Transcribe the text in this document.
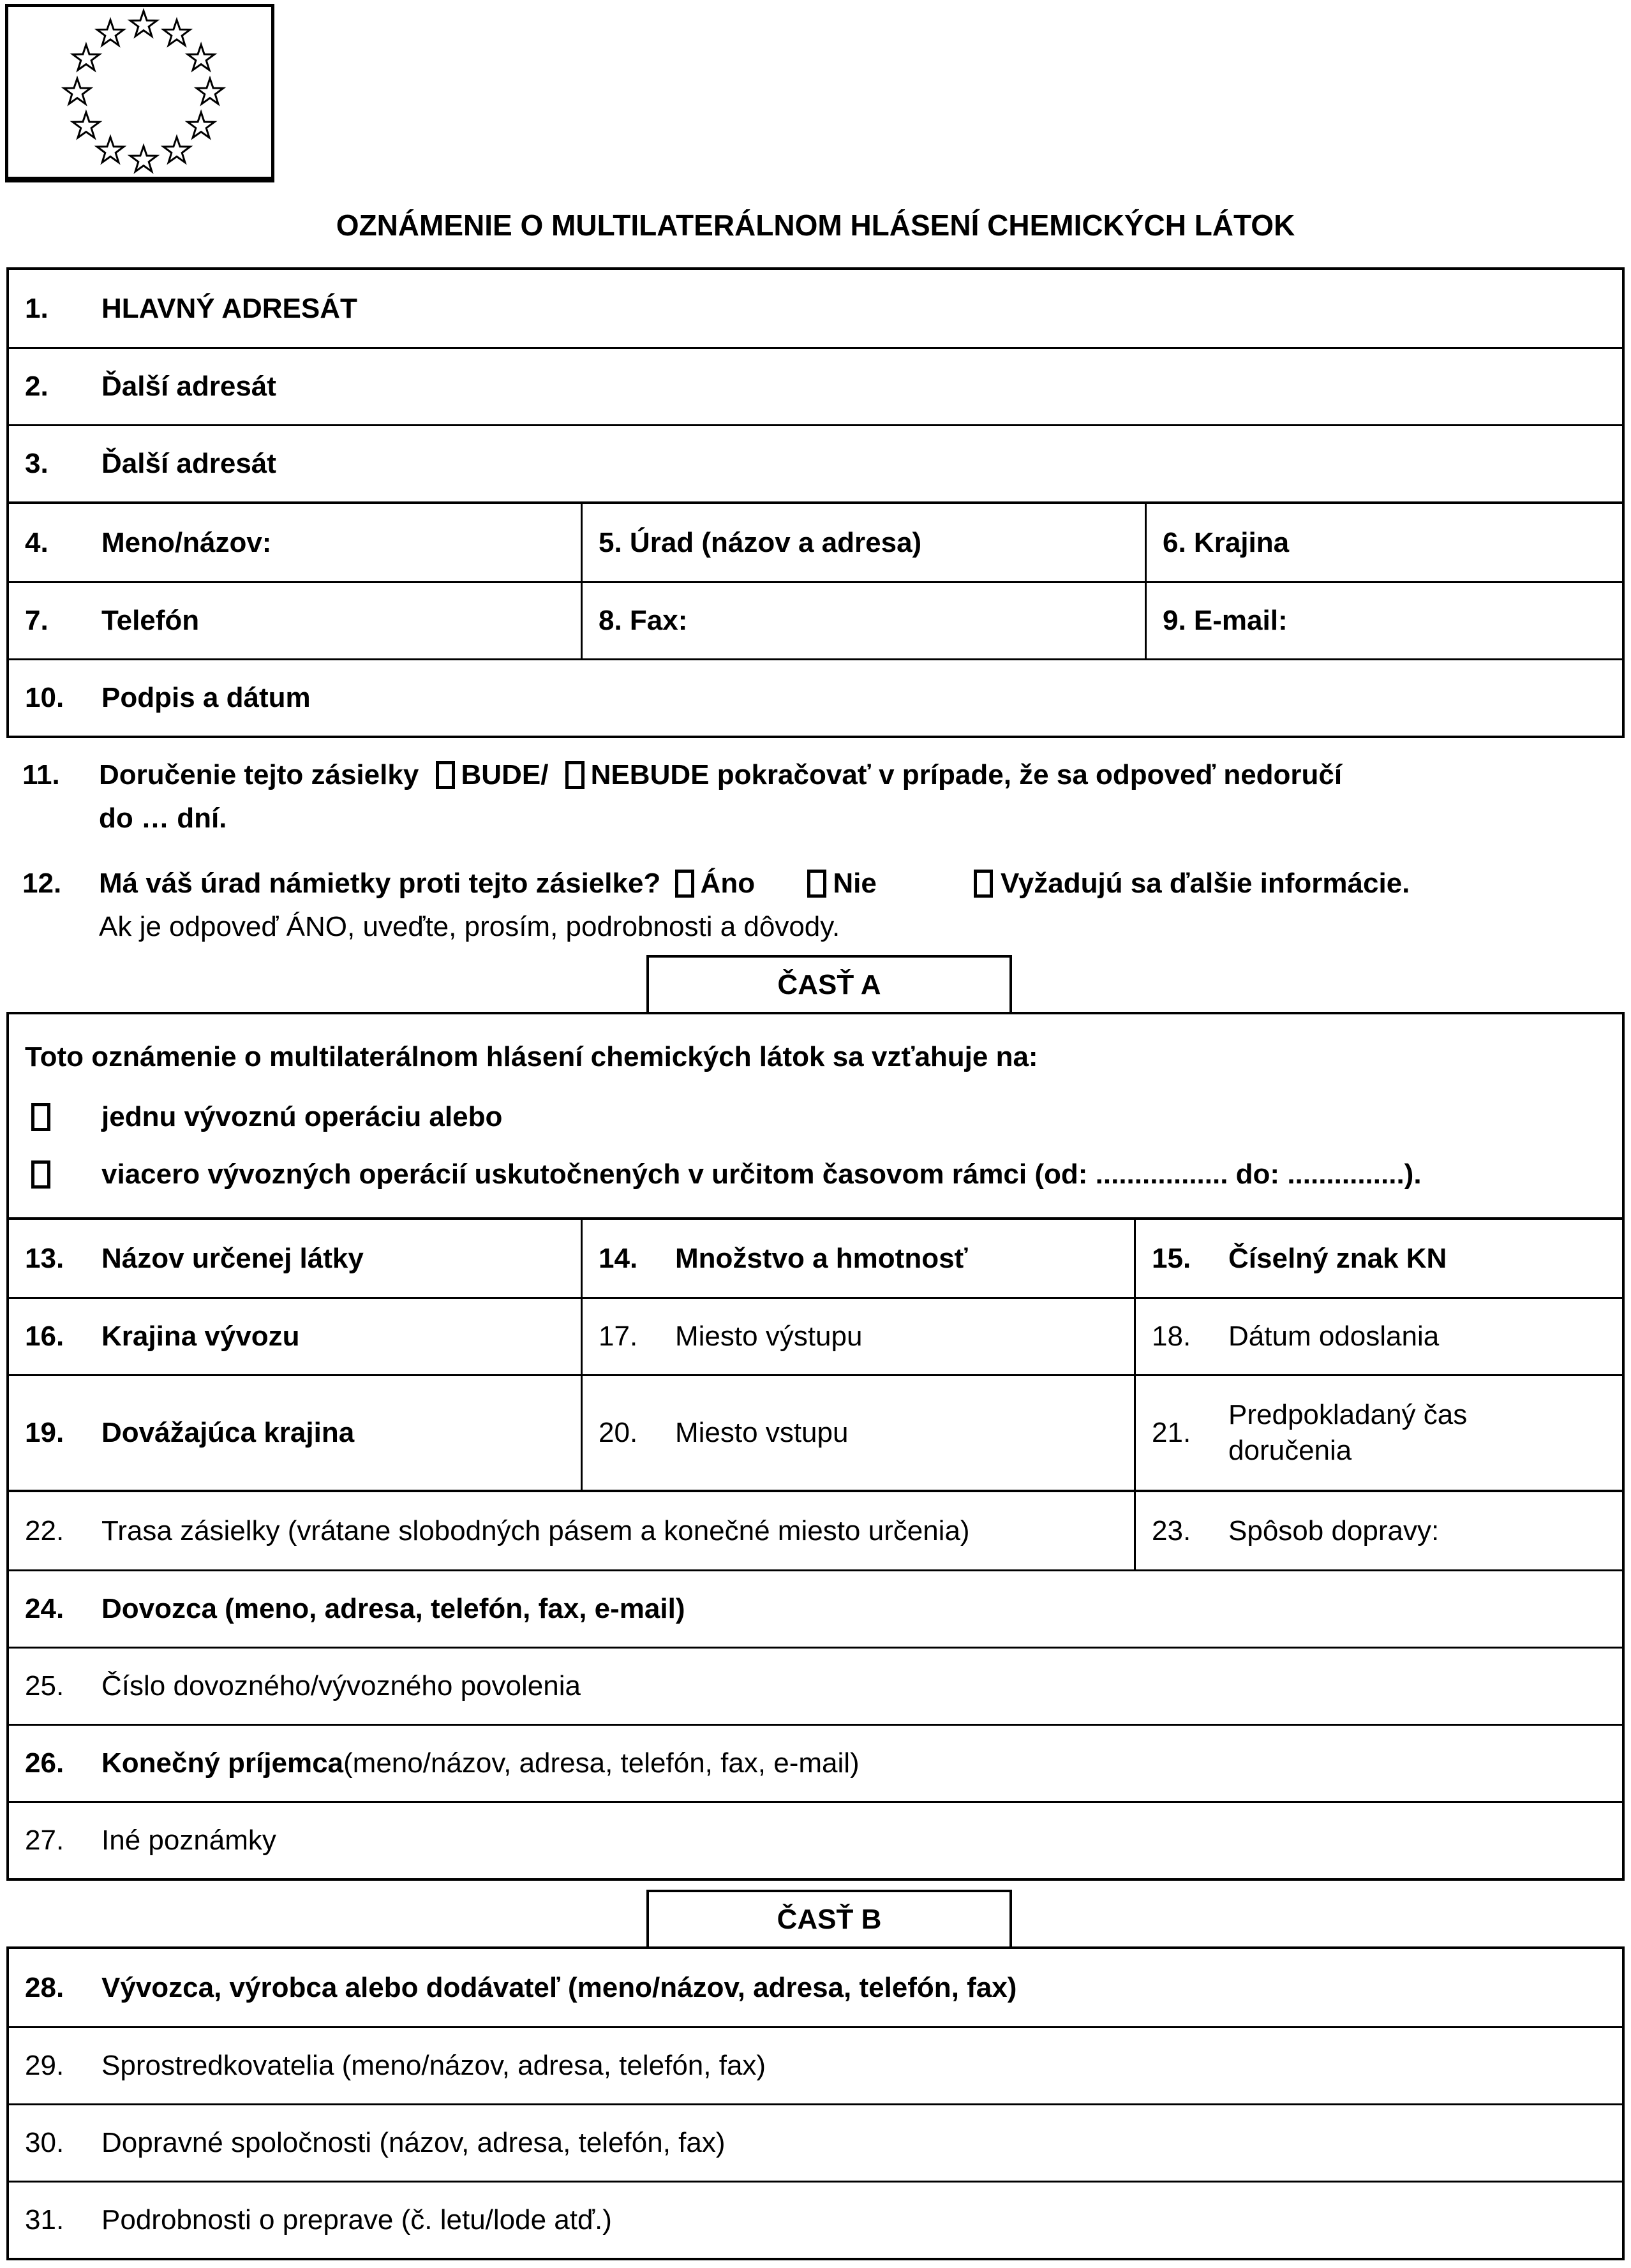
OZNÁMENIE O MULTILATERÁLNOM HLÁSENÍ CHEMICKÝCH LÁTOK
1.	HLAVNÝ ADRESÁT
2.	Ďalší adresát
3.	Ďalší adresát
4.	Meno/názov:	5. Úrad (názov a adresa)	6. Krajina
7.	Telefón	8. Fax:	9. E-mail:
10.	Podpis a dátum
11.	Doručenie tejto zásielky BUDE/ NEBUDE pokračovať v prípade, že sa odpoveď nedoručí
do … dní.
12.	Má váš úrad námietky proti tejto zásielke? Áno	Nie	Vyžadujú sa ďalšie informácie.
Ak je odpoveď ÁNO, uveďte, prosím, podrobnosti a dôvody.
ČASŤ A
Toto oznámenie o multilaterálnom hlásení chemických látok sa vzťahuje na:
jednu vývoznú operáciu alebo
viacero vývozných operácií uskutočnených v určitom časovom rámci (od: ................. do: ...............).
13.	Názov určenej látky	14.	Množstvo a hmotnosť	15.	Číselný znak KN
16.	Krajina vývozu	17.	Miesto výstupu	18.	Dátum odoslania
19.	Dovážajúca krajina	20.	Miesto vstupu	21.
Predpokladaný čas doručenia
22.	Trasa zásielky (vrátane slobodných pásem a konečné miesto určenia)	23.	Spôsob dopravy:
24.	Dovozca (meno, adresa, telefón, fax, e-mail)
25.	Číslo dovozného/vývozného povolenia
26.	Konečný príjemca (meno/názov, adresa, telefón, fax, e-mail)
27.	Iné poznámky
ČASŤ B
28.	Vývozca, výrobca alebo dodávateľ (meno/názov, adresa, telefón, fax)
29.	Sprostredkovatelia (meno/názov, adresa, telefón, fax)
30.	Dopravné spoločnosti (názov, adresa, telefón, fax)
31.	Podrobnosti o preprave (č. letu/lode atď.)
